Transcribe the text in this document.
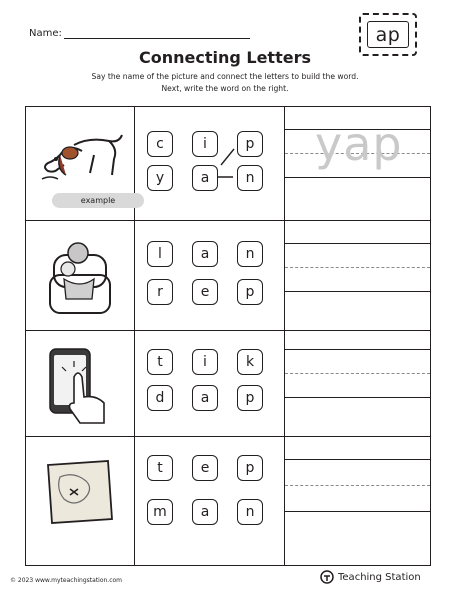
Name:	ap
Connecting Letters
Say the name of the picture and connect the letters to build the word.
Next, write the word on the right.
example
c	i	p
y	a	n
yap
l	a	n
r	e	p
t	i	k
d	a	p
t	e	p
m	a	n
© 2023 www.myteachingstation.com	Teaching Station
